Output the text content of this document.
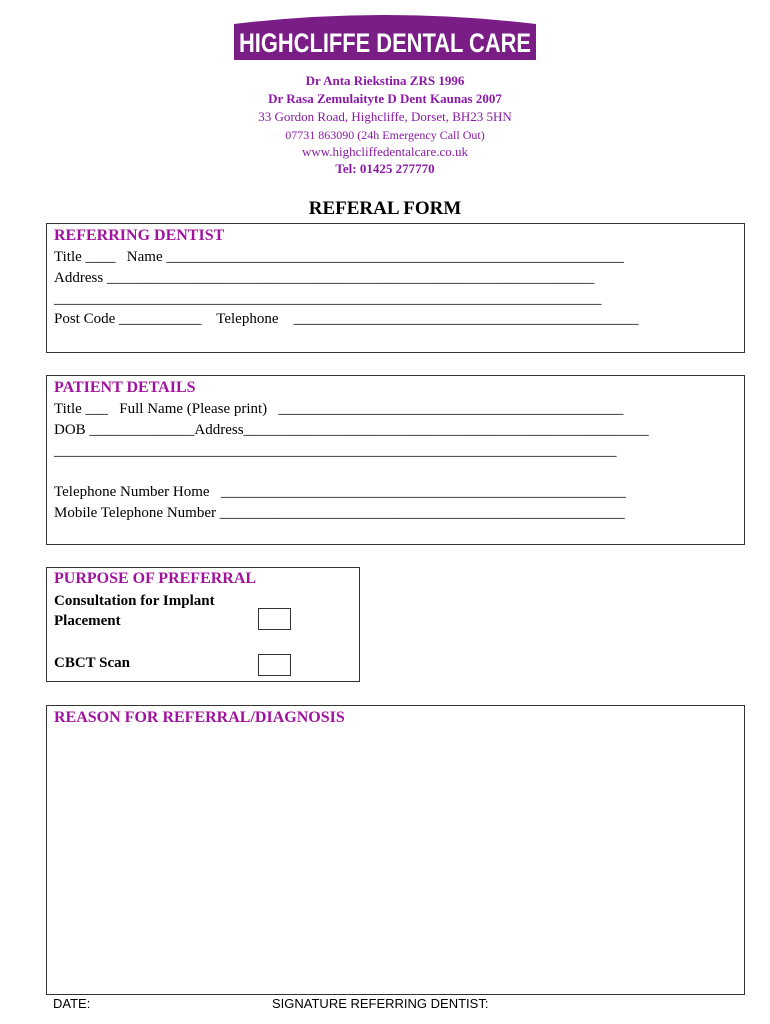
HIGHCLIFFE DENTAL CARE
Dr Anta Riekstina ZRS 1996
Dr Rasa Zemulaityte D Dent Kaunas 2007
33 Gordon Road, Highcliffe, Dorset, BH23 5HN
07731 863090 (24h Emergency Call Out)
www.highcliffedentalcare.co.uk
Tel: 01425 277770
REFERAL FORM
REFERRING DENTIST
Title ____   Name _____________________________________________________________
Address _________________________________________________________________
_________________________________________________________________________
Post Code ___________    Telephone    ______________________________________________
PATIENT DETAILS
Title ___   Full Name (Please print)   ______________________________________________
DOB ______________Address______________________________________________________
___________________________________________________________________________
Telephone Number Home   ______________________________________________________
Mobile Telephone Number ______________________________________________________
PURPOSE OF PREFERRAL
Consultation for Implant
Placement
CBCT Scan
REASON FOR REFERRAL/DIAGNOSIS
DATE:	SIGNATURE REFERRING DENTIST:
